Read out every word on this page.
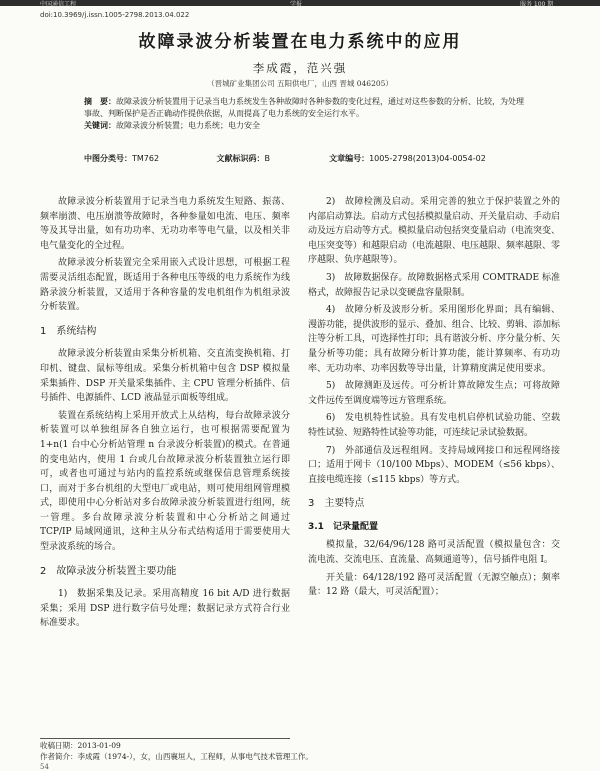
中国通信工程	学报	服务 100 期
doi:10.3969/j.issn.1005-2798.2013.04.022
故障录波分析装置在电力系统中的应用
李成霞，范兴强
（晋城矿业集团公司 五阳供电厂，山西 晋城 046205）
摘　要：故障录波分析装置用于记录当电力系统发生各种故障时各种参数的变化过程，通过对这些参数的分析、比较，为处理事故、判断保护是否正确动作提供依据，从而提高了电力系统的安全运行水平。
关键词：故障录波分析装置；电力系统；电力安全
中图分类号：TM762	文献标识码：B	文章编号：1005-2798(2013)04-0054-02

故障录波分析装置用于记录当电力系统发生短路、振荡、频率崩溃、电压崩溃等故障时，各种参量如电流、电压、频率等及其导出量，如有功功率、无功功率等电气量，以及相关非电气量变化的全过程。

故障录波分析装置完全采用嵌入式设计思想，可根据工程需要灵活组态配置，既适用于各种电压等级的电力系统作为线路录波分析装置，又适用于各种容量的发电机组作为机组录波分析装置。

1　系统结构

故障录波分析装置由采集分析机箱、交直流变换机箱、打印机、键盘、鼠标等组成。采集分析机箱中包含 DSP 模拟量采集插件、DSP 开关量采集插件、主 CPU 管理分析插件、信号插件、电源插件、LCD 液晶显示面板等组成。

装置在系统结构上采用开放式上从结构，每台故障录波分析装置可以单独组屏各自独立运行，也可根据需要配置为 1+n(1 台中心分析站管理 n 台录波分析装置)的模式。在普通的变电站内，使用 1 台或几台故障录波分析装置独立运行即可，或者也可通过与站内的监控系统或继保信息管理系统接口，而对于多台机组的大型电厂或电站，则可使用组网管理模式，即使用中心分析站对多台故障录波分析装置进行组网，统一管理。多台故障录波分析装置和中心分析站之间通过 TCP/IP 局域网通讯，这种主从分布式结构适用于需要使用大型录波系统的场合。

2　故障录波分析装置主要功能

1)　数据采集及记录。采用高精度 16 bit A/D 进行数据采集；采用 DSP 进行数字信号处理；数据记录方式符合行业标准要求。

2)　故障检测及启动。采用完善的独立于保护装置之外的内部启动算法。启动方式包括模拟量启动、开关量启动、手动启动及远方启动等方式。模拟量启动包括突变量启动（电流突变、电压突变等）和越限启动（电流越限、电压越限、频率越限、零序越限、负序越限等）。

3)　故障数据保存。故障数据格式采用 COMTRADE 标准格式，故障报告记录以变硬盘容量限制。

4)　故障分析及波形分析。采用图形化界面；具有编辑、漫游功能，提供波形的显示、叠加、组合、比较、剪辑、添加标注等分析工具，可选择性打印；具有谐波分析、序分量分析、矢量分析等功能；具有故障分析计算功能，能计算频率、有功功率、无功功率、功率因数等导出量，计算精度满足使用要求。

5)　故障测距及远传。可分析计算故障发生点；可将故障文件远传至调度端等远方管理系统。

6)　发电机特性试验。具有发电机启停机试验功能、空载特性试验、短路特性试验等功能，可连续记录试验数据。

7)　外部通信及远程组网。支持局域网接口和远程网络接口；适用于网卡（10/100 Mbps）、MODEM（≤56 kbps）、直接电缆连接（≤115 kbps）等方式。

3　主要特点
3.1　记录量配置

模拟量，32/64/96/128 路可灵活配置（模拟量包含：交流电流、交流电压、直流量、高频通道等），信号插件电阻 I。

开关量：64/128/192 路可灵活配置（无源空触点）；频率量：12 路（最大，可灵活配置）；

收稿日期：2013-01-09
作者简介：李成霞（1974-），女，山西襄垣人，工程师，从事电气技术管理工作。
54
